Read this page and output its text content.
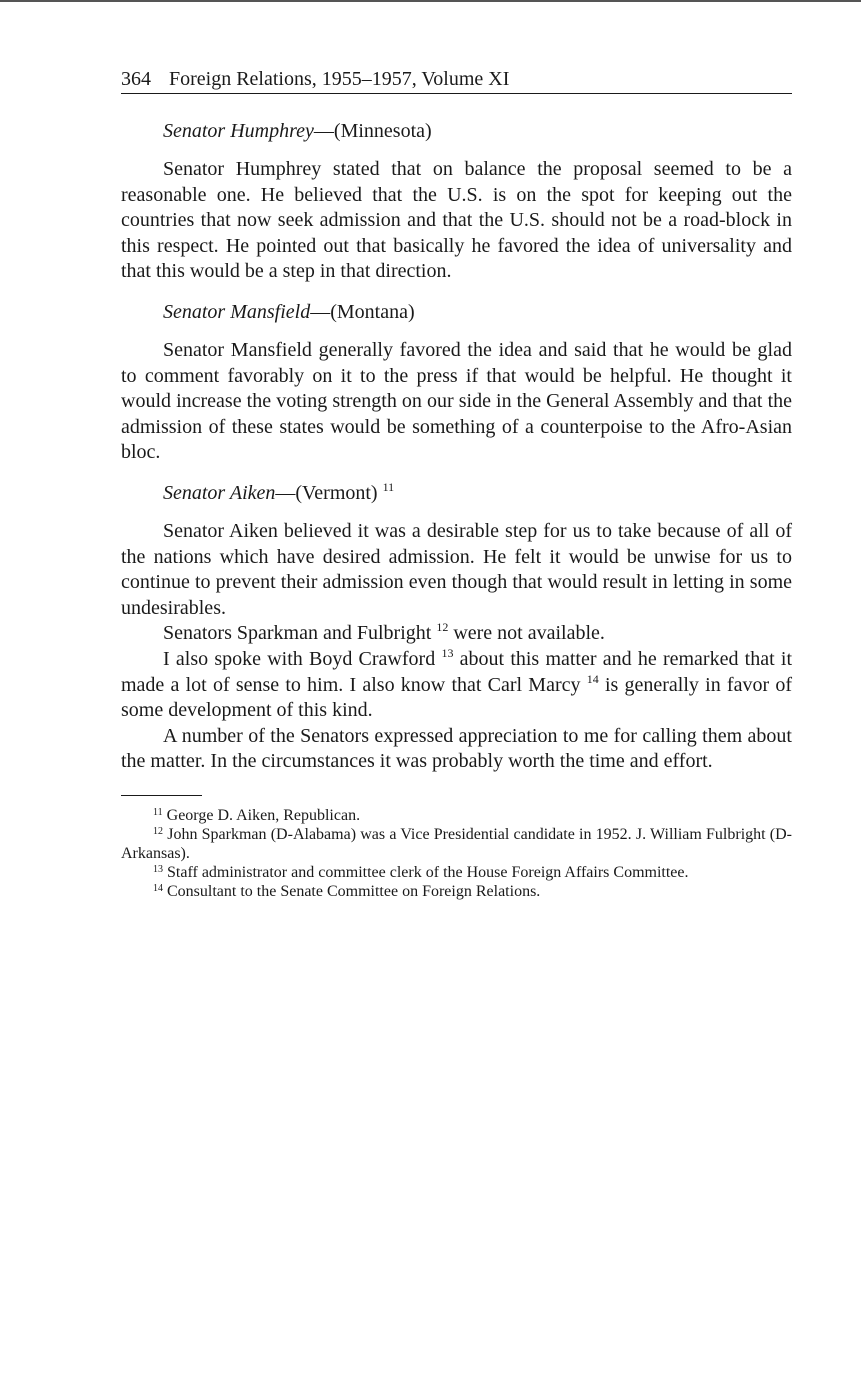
364 Foreign Relations, 1955–1957, Volume XI
Senator Humphrey—(Minnesota)

Senator Humphrey stated that on balance the proposal seemed to be a reasonable one. He believed that the U.S. is on the spot for keeping out the countries that now seek admission and that the U.S. should not be a road-block in this respect. He pointed out that basically he favored the idea of universality and that this would be a step in that direction.

Senator Mansfield—(Montana)

Senator Mansfield generally favored the idea and said that he would be glad to comment favorably on it to the press if that would be helpful. He thought it would increase the voting strength on our side in the General Assembly and that the admission of these states would be something of a counterpoise to the Afro-Asian bloc.

Senator Aiken—(Vermont) $^{11}$

Senator Aiken believed it was a desirable step for us to take because of all of the nations which have desired admission. He felt it would be unwise for us to continue to prevent their admission even though that would result in letting in some undesirables.

Senators Sparkman and Fulbright $^{12}$ were not available.

I also spoke with Boyd Crawford $^{13}$ about this matter and he remarked that it made a lot of sense to him. I also know that Carl Marcy $^{14}$ is generally in favor of some development of this kind.

A number of the Senators expressed appreciation to me for calling them about the matter. In the circumstances it was probably worth the time and effort.

$^{11}$ George D. Aiken, Republican.

$^{12}$ John Sparkman (D-Alabama) was a Vice Presidential candidate in 1952. J. William Fulbright (D-Arkansas).

$^{13}$ Staff administrator and committee clerk of the House Foreign Affairs Committee.

$^{14}$ Consultant to the Senate Committee on Foreign Relations.
